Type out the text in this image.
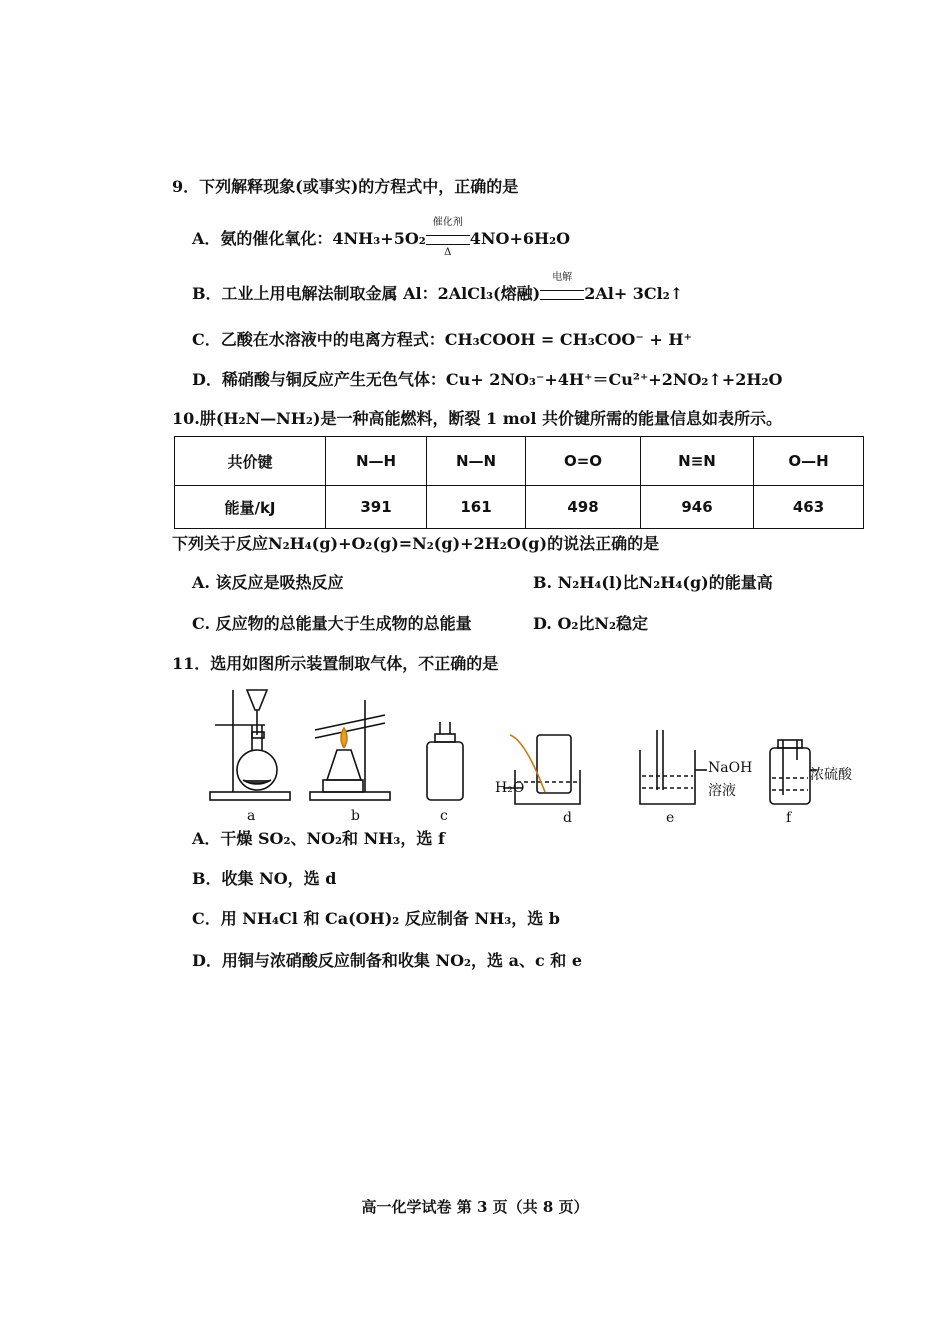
9．下列解释现象(或事实)的方程式中，正确的是
A．氨的催化氧化：4NH₃+5O₂
催化剂
Δ
4NO+6H₂O
B．工业上用电解法制取金属 Al：2AlCl₃(熔融)
电解
2Al+ 3Cl₂↑
C．乙酸在水溶液中的电离方程式：CH₃COOH = CH₃COO⁻ + H⁺
D．稀硝酸与铜反应产生无色气体：Cu+ 2NO₃⁻+4H⁺＝Cu²⁺+2NO₂↑+2H₂O
10.肼(H₂N—NH₂)是一种高能燃料，断裂 1 mol 共价键所需的能量信息如表所示。
共价键	N—H	N—N	O=O	N≡N	O—H
能量/kJ	391	161	498	946	463
下列关于反应N₂H₄(g)+O₂(g)=N₂(g)+2H₂O(g)的说法正确的是
A. 该反应是吸热反应	B. N₂H₄(l)比N₂H₄(g)的能量高
C. 反应物的总能量大于生成物的总能量	D. O₂比N₂稳定
11．选用如图所示装置制取气体，不正确的是
a	b	c	d	e	f
H₂O
NaOH
溶液
浓硫酸
A．干燥 SO₂、NO₂和 NH₃，选 f
B．收集 NO，选 d
C．用 NH₄Cl 和 Ca(OH)₂ 反应制备 NH₃，选 b
D．用铜与浓硝酸反应制备和收集 NO₂，选 a、c 和 e
高一化学试卷 第 3 页（共 8 页）
